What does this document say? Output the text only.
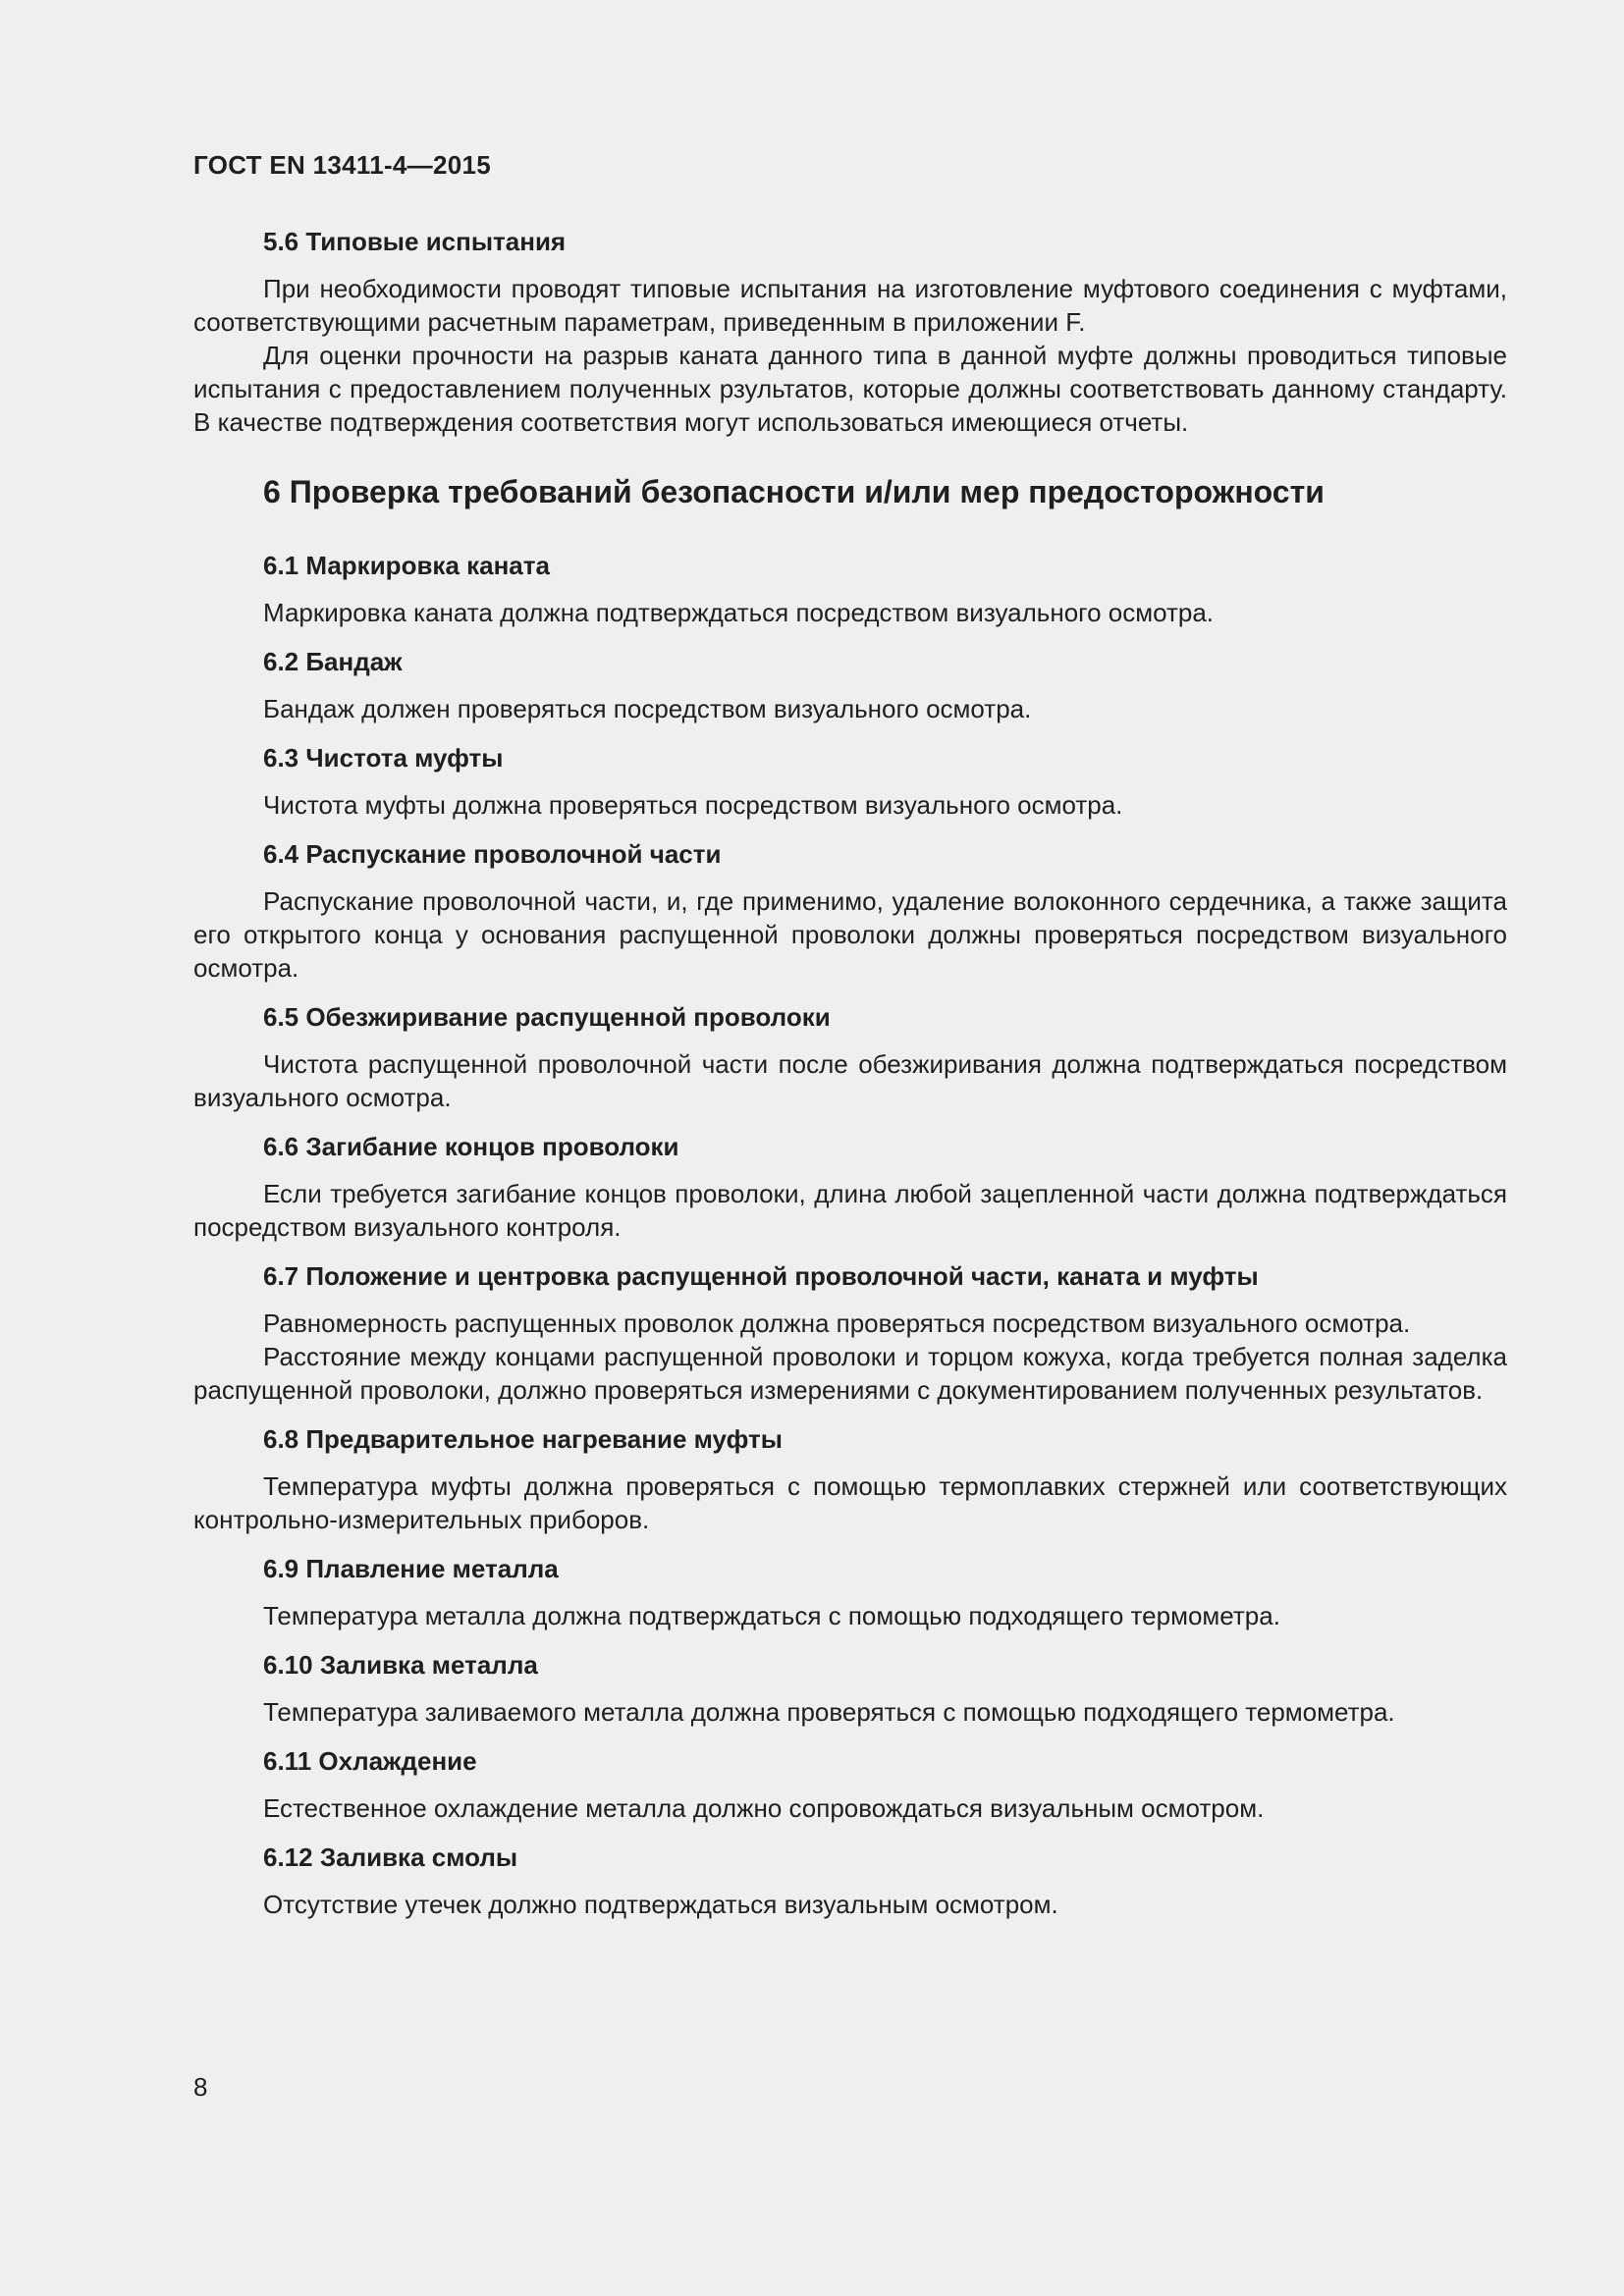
ГОСТ EN 13411-4—2015

5.6 Типовые испытания

При необходимости проводят типовые испытания на изготовление муфтового соединения с муфтами, соответствующими расчетным параметрам, приведенным в приложении F.

Для оценки прочности на разрыв каната данного типа в данной муфте должны проводиться типовые испытания с предоставлением полученных рзультатов, которые должны соответствовать данному стандарту. В качестве подтверждения соответствия могут использоваться имеющиеся отчеты.

6 Проверка требований безопасности и/или мер предосторожности

6.1 Маркировка каната

Маркировка каната должна подтверждаться посредством визуального осмотра.

6.2 Бандаж

Бандаж должен проверяться посредством визуального осмотра.

6.3 Чистота муфты

Чистота муфты должна проверяться посредством визуального осмотра.

6.4 Распускание проволочной части

Распускание проволочной части, и, где применимо, удаление волоконного сердечника, а также защита его открытого конца у основания распущенной проволоки должны проверяться посредством визуального осмотра.

6.5 Обезжиривание распущенной проволоки

Чистота распущенной проволочной части после обезжиривания должна подтверждаться посредством визуального осмотра.

6.6 Загибание концов проволоки

Если требуется загибание концов проволоки, длина любой зацепленной части должна подтверждаться посредством визуального контроля.

6.7 Положение и центровка распущенной проволочной части, каната и муфты

Равномерность распущенных проволок должна проверяться посредством визуального осмотра.

Расстояние между концами распущенной проволоки и торцом кожуха, когда требуется полная заделка распущенной проволоки, должно проверяться измерениями с документированием полученных результатов.

6.8 Предварительное нагревание муфты

Температура муфты должна проверяться с помощью термоплавких стержней или соответствующих контрольно-измерительных приборов.

6.9 Плавление металла

Температура металла должна подтверждаться с помощью подходящего термометра.

6.10 Заливка металла

Температура заливаемого металла должна проверяться с помощью подходящего термометра.

6.11 Охлаждение

Естественное охлаждение металла должно сопровождаться визуальным осмотром.

6.12 Заливка смолы

Отсутствие утечек должно подтверждаться визуальным осмотром.

8
